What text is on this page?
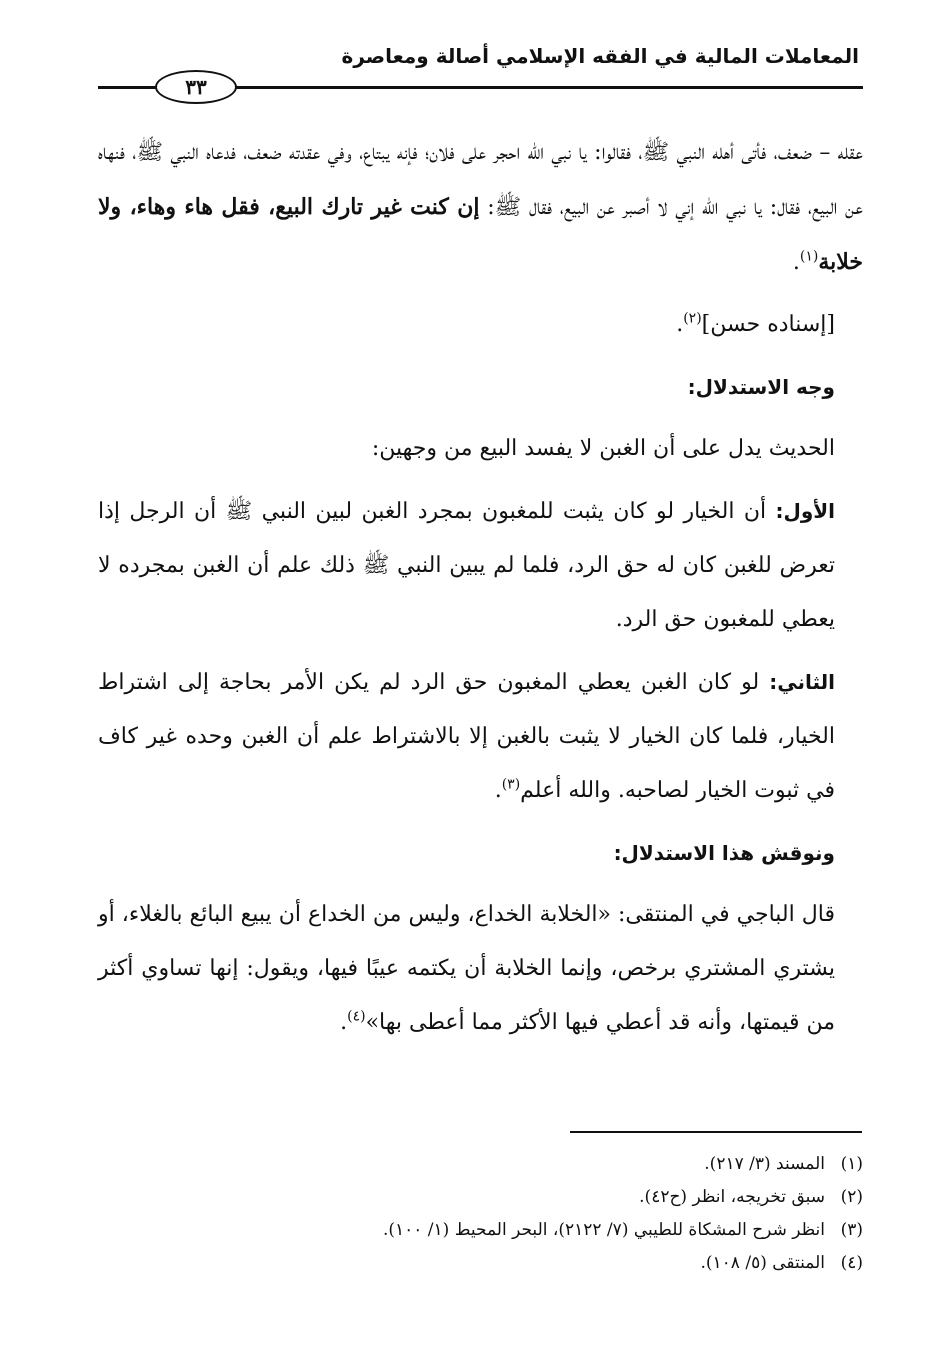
المعاملات المالية في الفقه الإسلامي أصالة ومعاصرة
٣٣

عقله – ضعف، فأتى أهله النبي ﷺ، فقالوا: يا نبي الله احجر على فلان؛ فإنه يبتاع، وفي عقدته ضعف، فدعاه النبي ﷺ، فنهاه عن البيع، فقال: يا نبي الله إني لا أصبر عن البيع، فقال ﷺ: إن كنت غير تارك البيع، فقل هاء وهاء، ولا خلابة$^{(١)}$.

[إسناده حسن]$^{(٢)}$.

وجه الاستدلال:

الحديث يدل على أن الغبن لا يفسد البيع من وجهين:

الأول: أن الخيار لو كان يثبت للمغبون بمجرد الغبن لبين النبي ﷺ أن الرجل إذا تعرض للغبن كان له حق الرد، فلما لم يبين النبي ﷺ ذلك علم أن الغبن بمجرده لا يعطي للمغبون حق الرد.

الثاني: لو كان الغبن يعطي المغبون حق الرد لم يكن الأمر بحاجة إلى اشتراط الخيار، فلما كان الخيار لا يثبت بالغبن إلا بالاشتراط علم أن الغبن وحده غير كاف في ثبوت الخيار لصاحبه. والله أعلم$^{(٣)}$.

ونوقش هذا الاستدلال:

قال الباجي في المنتقى: «الخلابة الخداع، وليس من الخداع أن يبيع البائع بالغلاء، أو يشتري المشتري برخص، وإنما الخلابة أن يكتمه عيبًا فيها، ويقول: إنها تساوي أكثر من قيمتها، وأنه قد أعطي فيها الأكثر مما أعطى بها»$^{(٤)}$.

(١)
المسند (٣/ ٢١٧).
(٢)
سبق تخريجه، انظر (ح٤٢).
(٣)
انظر شرح المشكاة للطيبي (٧/ ٢١٢٢)، البحر المحيط (١/ ١٠٠).
(٤)
المنتقى (٥/ ١٠٨).
